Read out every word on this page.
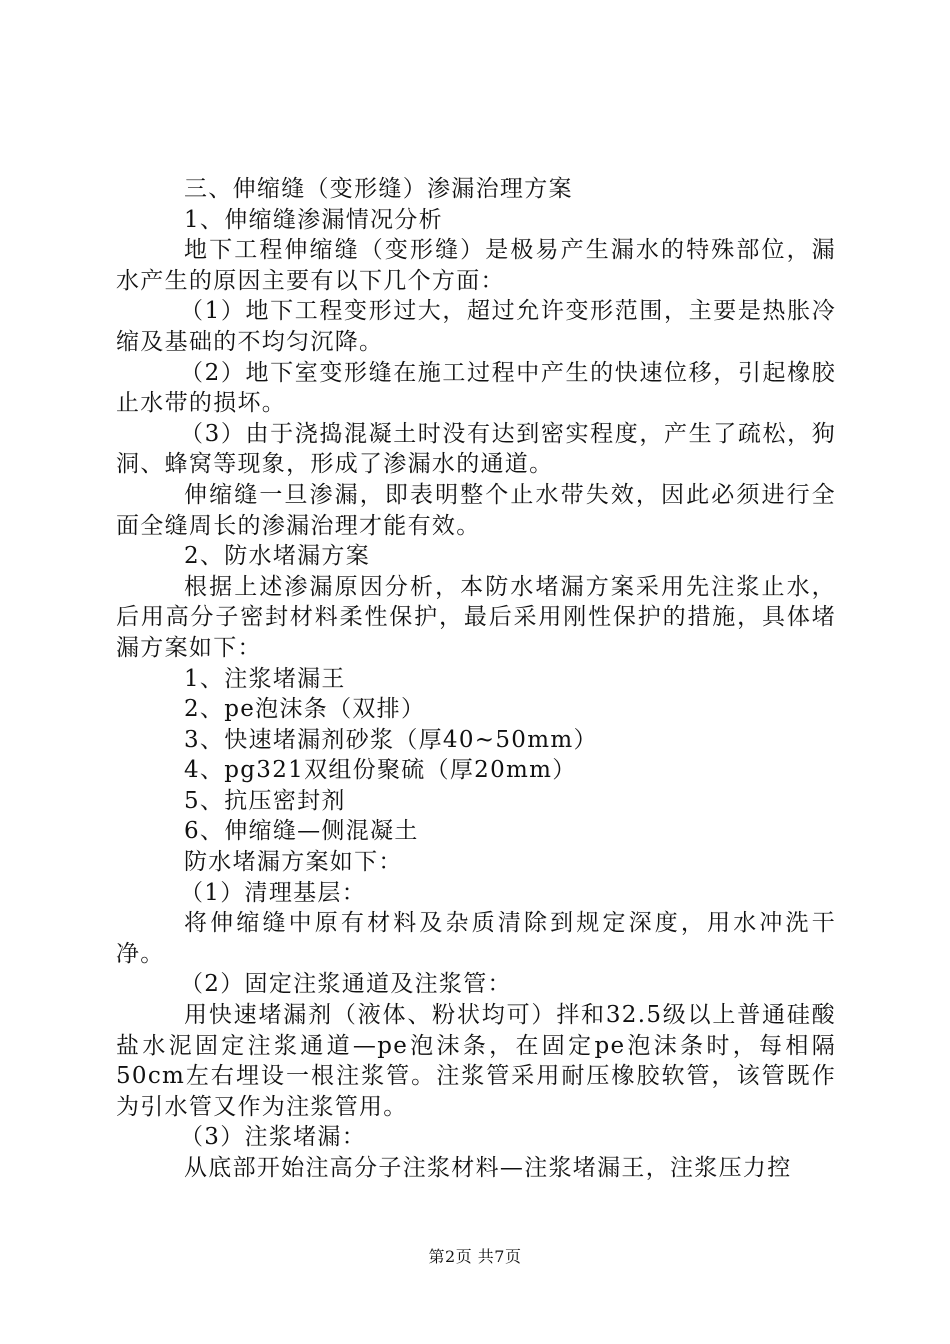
三、伸缩缝（变形缝）渗漏治理方案

1、伸缩缝渗漏情况分析

地下工程伸缩缝（变形缝）是极易产生漏水的特殊部位，漏水产生的原因主要有以下几个方面：

（1）地下工程变形过大，超过允许变形范围，主要是热胀冷缩及基础的不均匀沉降。

（2）地下室变形缝在施工过程中产生的快速位移，引起橡胶止水带的损坏。

（3）由于浇捣混凝土时没有达到密实程度，产生了疏松，狗洞、蜂窝等现象，形成了渗漏水的通道。

伸缩缝一旦渗漏，即表明整个止水带失效，因此必须进行全面全缝周长的渗漏治理才能有效。

2、防水堵漏方案

根据上述渗漏原因分析，本防水堵漏方案采用先注浆止水，后用高分子密封材料柔性保护，最后采用刚性保护的措施，具体堵漏方案如下：

1、注浆堵漏王

2、pe泡沫条（双排）

3、快速堵漏剂砂浆（厚40~50mm）

4、pg321双组份聚硫（厚20mm）

5、抗压密封剂

6、伸缩缝—侧混凝土

防水堵漏方案如下：

（1）清理基层：

将伸缩缝中原有材料及杂质清除到规定深度，用水冲洗干净。

（2）固定注浆通道及注浆管：

用快速堵漏剂（液体、粉状均可）拌和32.5级以上普通硅酸盐水泥固定注浆通道—pe泡沫条，在固定pe泡沫条时，每相隔50cm左右埋设一根注浆管。注浆管采用耐压橡胶软管，该管既作为引水管又作为注浆管用。

（3）注浆堵漏：

从底部开始注高分子注浆材料—注浆堵漏王，注浆压力控

第2页 共7页
